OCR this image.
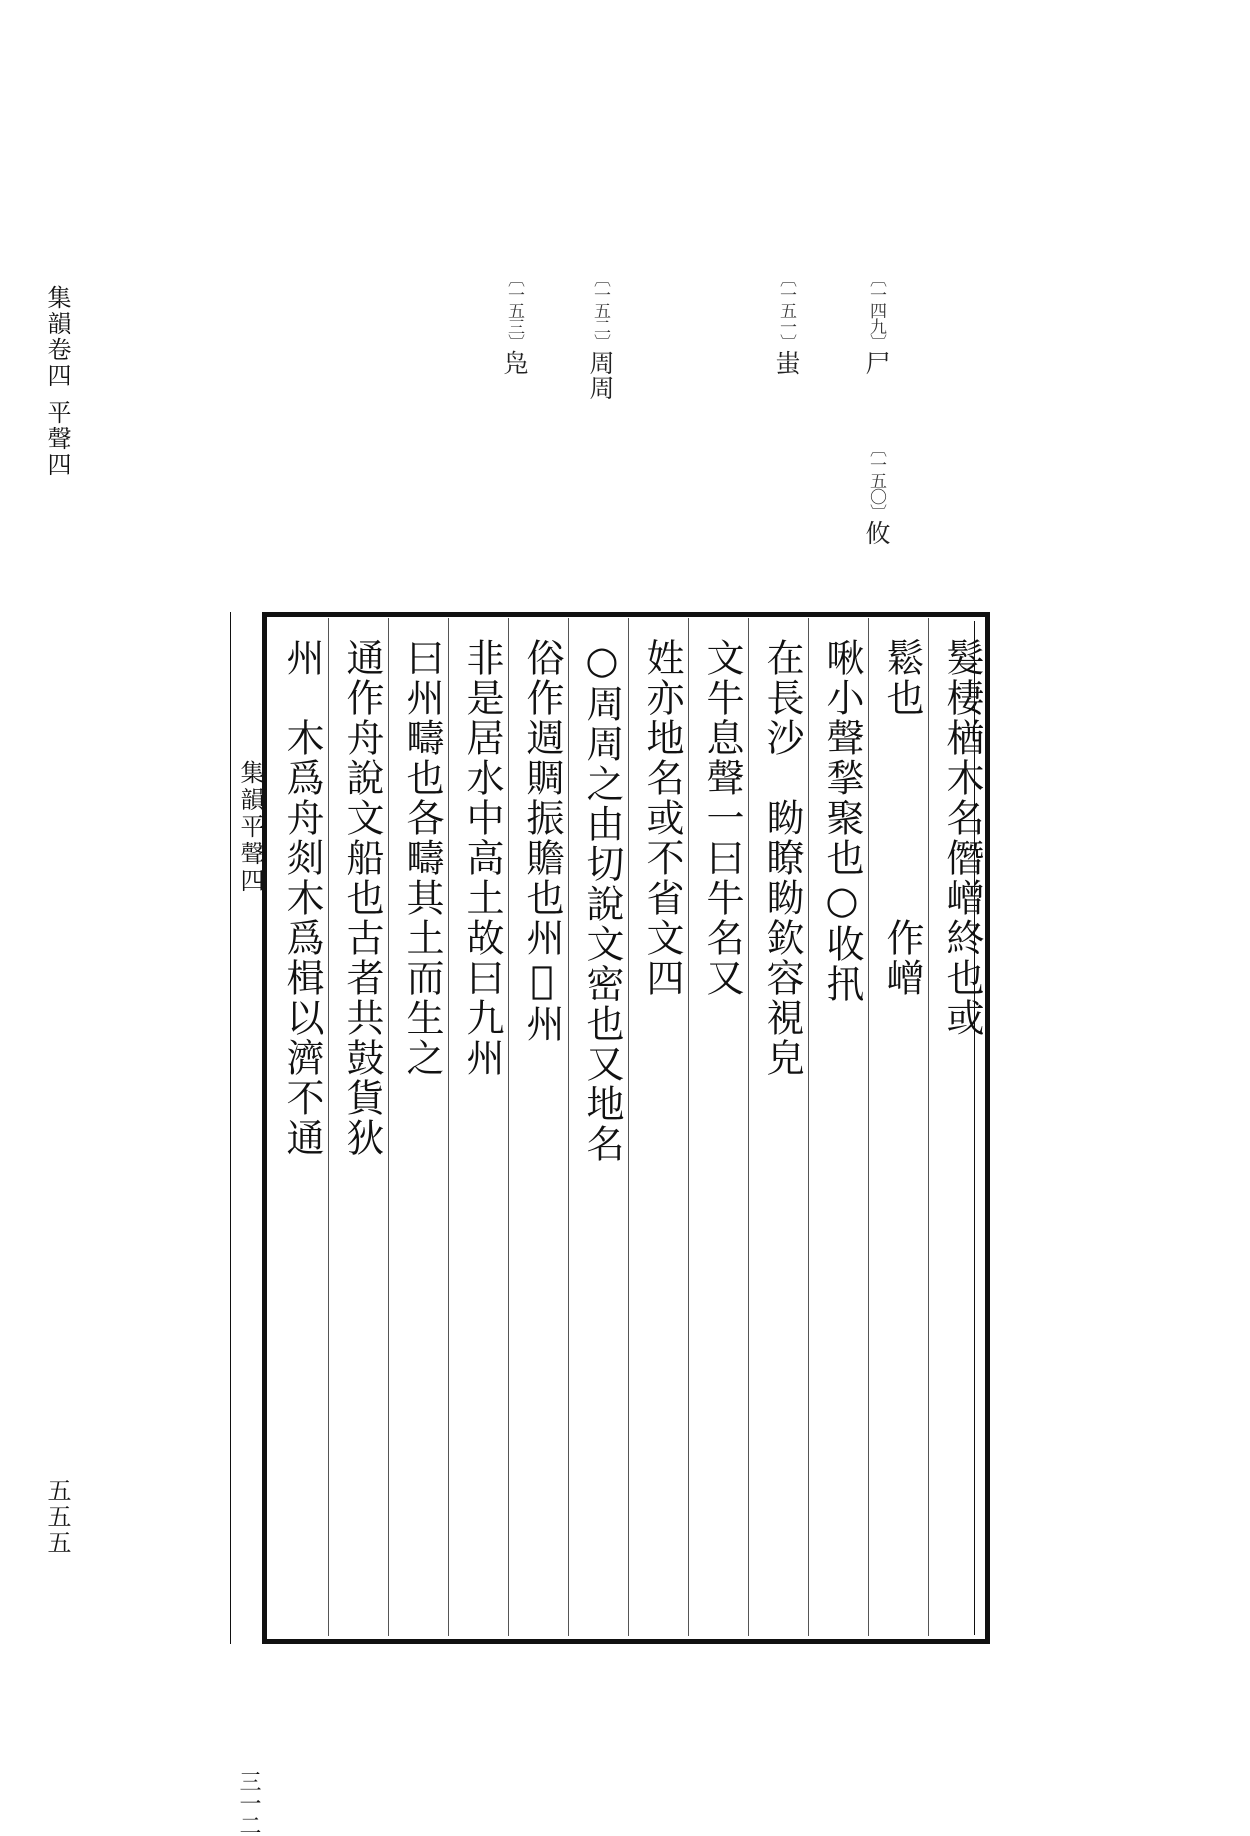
集韻卷四
平聲四
五五五
〔一四九〕尸
〔一五〇〕攸
〔一五一〕蚩
〔一五二〕周周
〔一五三〕凫
集韻平聲四
三一二
髮棲楢木名僭嶒終也或
鬆也　　　　　作嶒　
啾小聲揫聚也○收扟
在長沙　眑瞭眑欽容視皃
文牛息聲一曰牛名又
姓亦地名或不省文四
○周周之由切說文密也又地名
俗作週賙振贍也州𠕀州
非是居水中高土故曰九州
曰州疇也各疇其土而生之
通作舟說文船也古者共鼓貨狄
州　木爲舟剡木爲楫以濟不通
